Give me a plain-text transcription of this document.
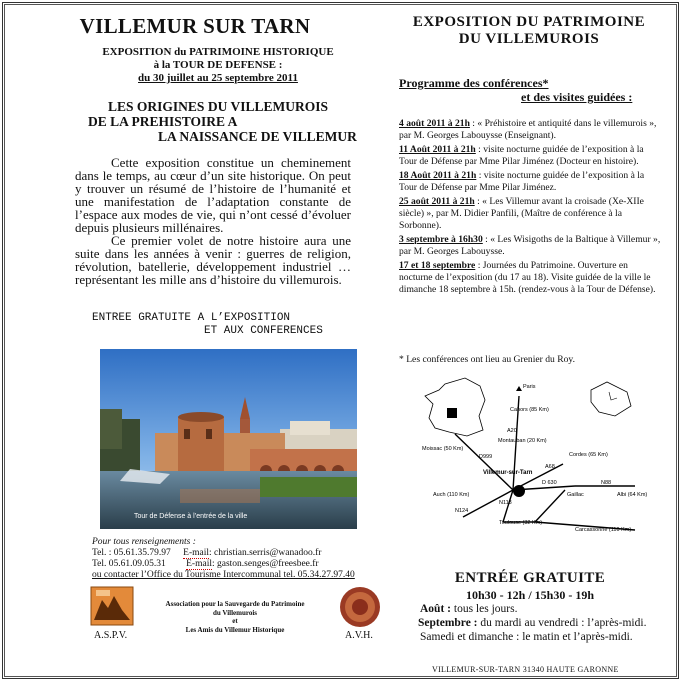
VILLEMUR SUR TARN
EXPOSITION du PATRIMOINE HISTORIQUE
à la TOUR DE DEFENSE :
du 30 juillet au 25 septembre 2011
LES ORIGINES DU VILLEMUROIS
DE LA PREHISTOIRE A
LA NAISSANCE DE VILLEMUR

Cette exposition constitue un cheminement dans le temps, au cœur d’un site historique. On peut y trouver un résumé de l’histoire de l’humanité et une manifestation de l’adaptation constante de l’espace aux modes de vie, qui n’ont cessé d’évoluer depuis plusieurs millénaires.

Ce premier volet de notre histoire aura une suite dans les années à venir : guerres de religion, révolution, batellerie, développement industriel … représentant les mille ans d’histoire du villemurois.

ENTREE GRATUITE A L’EXPOSITION
ET AUX CONFERENCES
Tour de Défense à l’entrée de la ville
Pour tous renseignements :
Tel. : 05.61.35.79.97 E-mail: christian.serris@wanadoo.fr
Tel. 05.61.09.05.31 E-mail: gaston.senges@freesbee.fr
ou contacter l’Office du Tourisme Intercommunal tel. 05.34.27.97.40
A.S.P.V.
Association pour la Sauvegarde du Patrimoine
du Villemurois
et
Les Amis du Villemur Historique
A.V.H.
EXPOSITION DU PATRIMOINE
DU VILLEMUROIS
Programme des conférences*
et des visites guidées :

4 août 2011 à 21h : « Préhistoire et antiquité dans le villemurois », par M. Georges Labouysse (Enseignant).

11 Août 2011 à 21h : visite nocturne guidée de l’exposition à la Tour de Défense par Mme Pilar Jiménez (Docteur en histoire).

18 Août 2011 à 21h : visite nocturne guidée de l’exposition à la Tour de Défense par Mme Pilar Jiménez.

25 août 2011 à 21h : « Les Villemur avant la croisade (Xe-XIIe siècle) », par M. Didier Panfili, (Maître de conférence à la Sorbonne).

3 septembre à 16h30 : « Les Wisigoths de la Baltique à Villemur », par M. Georges Labouysse.

17 et 18 septembre : Journées du Patrimoine. Ouverture en nocturne de l’exposition (du 17 au 18). Visite guidée de la ville le dimanche 18 septembre à 15h. (rendez-vous à la Tour de Défense).

* Les conférences ont lieu au Grenier du Roy.
Paris
Cahors (85 Km)
Montauban (20 Km)
Moissac (50 Km)
Cordes (65 Km)
Villemur-sur-Tarn
D 630	N88
Auch (110 Km)	Gaillac	Albi (64 Km)
N124
Toulouse (32 Km)
Carcassonne (110 Km)
A20
D999
N113
A68
ENTRÉE GRATUITE
10h30 - 12h / 15h30 - 19h
Août : tous les jours.
Septembre : du mardi au vendredi : l’après-midi.
Samedi et dimanche : le matin et l’après-midi.
VILLEMUR-SUR-TARN 31340 HAUTE GARONNE
